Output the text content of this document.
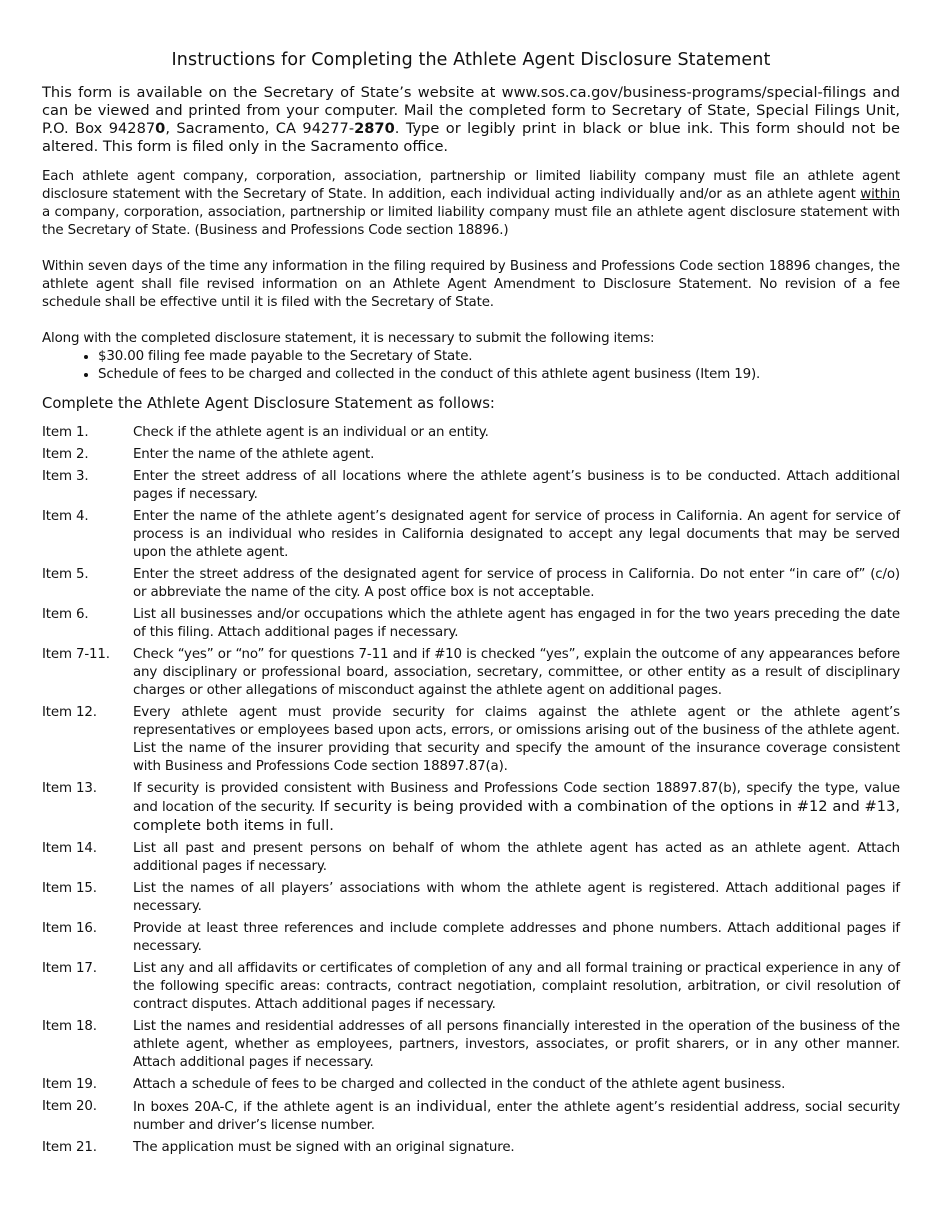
Instructions for Completing the Athlete Agent Disclosure Statement

This form is available on the Secretary of State’s website at www.sos.ca.gov/business-programs/special-filings and can be viewed and printed from your computer. Mail the completed form to Secretary of State, Special Filings Unit, P.O. Box 942870, Sacramento, CA 94277-2870. Type or legibly print in black or blue ink. This form should not be altered. This form is filed only in the Sacramento office.

Each athlete agent company, corporation, association, partnership or limited liability company must file an athlete agent disclosure statement with the Secretary of State. In addition, each individual acting individually and/or as an athlete agent within a company, corporation, association, partnership or limited liability company must file an athlete agent disclosure statement with the Secretary of State. (Business and Professions Code section 18896.)

Within seven days of the time any information in the filing required by Business and Professions Code section 18896 changes, the athlete agent shall file revised information on an Athlete Agent Amendment to Disclosure Statement. No revision of a fee schedule shall be effective until it is filed with the Secretary of State.

Along with the completed disclosure statement, it is necessary to submit the following items:

• $30.00 filing fee made payable to the Secretary of State.
• Schedule of fees to be charged and collected in the conduct of this athlete agent business (Item 19).

Complete the Athlete Agent Disclosure Statement as follows:

Item 1.	Check if the athlete agent is an individual or an entity.
Item 2.	Enter the name of the athlete agent.
Item 3.	Enter the street address of all locations where the athlete agent’s business is to be conducted. Attach additional pages if necessary.
Item 4.	Enter the name of the athlete agent’s designated agent for service of process in California. An agent for service of process is an individual who resides in California designated to accept any legal documents that may be served upon the athlete agent.
Item 5.	Enter the street address of the designated agent for service of process in California. Do not enter “in care of” (c/o) or abbreviate the name of the city. A post office box is not acceptable.
Item 6.	List all businesses and/or occupations which the athlete agent has engaged in for the two years preceding the date of this filing. Attach additional pages if necessary.
Item 7-11.	Check “yes” or “no” for questions 7-11 and if #10 is checked “yes”, explain the outcome of any appearances before any disciplinary or professional board, association, secretary, committee, or other entity as a result of disciplinary charges or other allegations of misconduct against the athlete agent on additional pages.
Item 12.	Every athlete agent must provide security for claims against the athlete agent or the athlete agent’s representatives or employees based upon acts, errors, or omissions arising out of the business of the athlete agent. List the name of the insurer providing that security and specify the amount of the insurance coverage consistent with Business and Professions Code section 18897.87(a).
Item 13.	If security is provided consistent with Business and Professions Code section 18897.87(b), specify the type, value and location of the security. If security is being provided with a combination of the options in #12 and #13, complete both items in full.
Item 14.	List all past and present persons on behalf of whom the athlete agent has acted as an athlete agent. Attach additional pages if necessary.
Item 15.	List the names of all players’ associations with whom the athlete agent is registered. Attach additional pages if necessary.
Item 16.	Provide at least three references and include complete addresses and phone numbers. Attach additional pages if necessary.
Item 17.	List any and all affidavits or certificates of completion of any and all formal training or practical experience in any of the following specific areas: contracts, contract negotiation, complaint resolution, arbitration, or civil resolution of contract disputes. Attach additional pages if necessary.
Item 18.	List the names and residential addresses of all persons financially interested in the operation of the business of the athlete agent, whether as employees, partners, investors, associates, or profit sharers, or in any other manner. Attach additional pages if necessary.
Item 19.	Attach a schedule of fees to be charged and collected in the conduct of the athlete agent business.
Item 20.	In boxes 20A-C, if the athlete agent is an individual, enter the athlete agent’s residential address, social security number and driver’s license number.
Item 21.	The application must be signed with an original signature.
